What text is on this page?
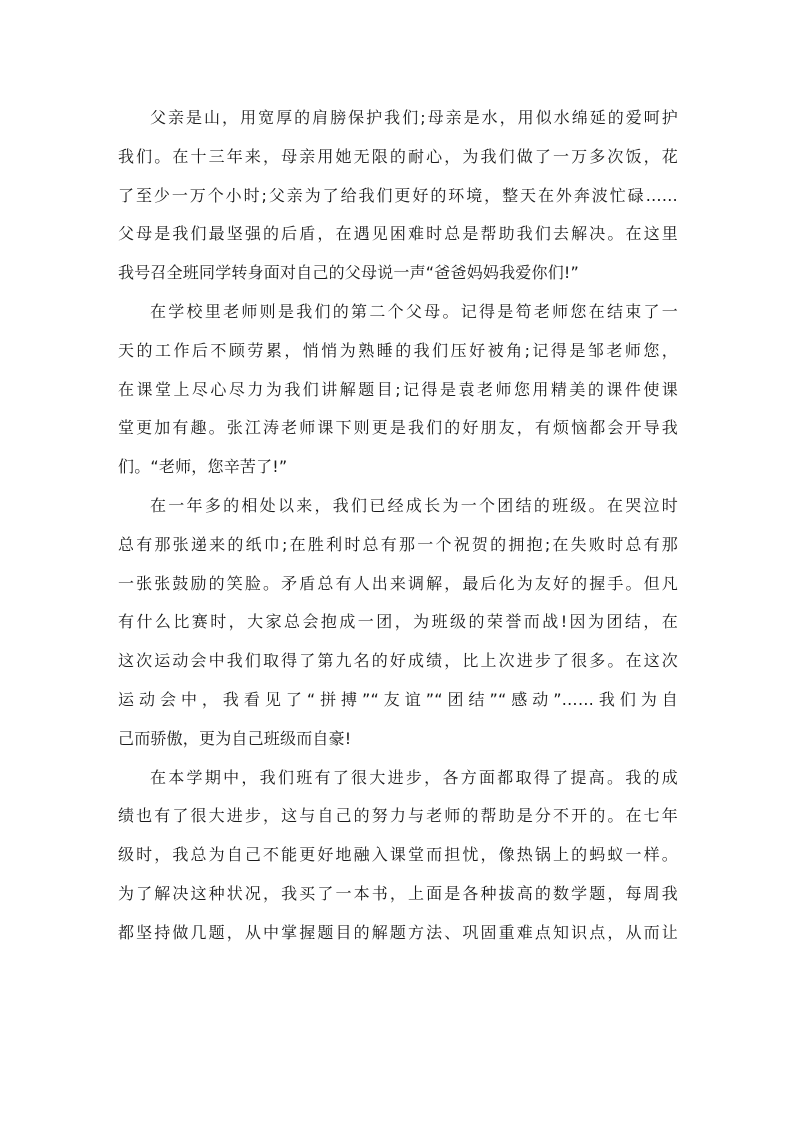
父亲是山，用宽厚的肩膀保护我们;母亲是水，用似水绵延的爱呵护
我们。在十三年来，母亲用她无限的耐心，为我们做了一万多次饭，花
了至少一万个小时;父亲为了给我们更好的环境，整天在外奔波忙碌……
父母是我们最坚强的后盾，在遇见困难时总是帮助我们去解决。在这里
我号召全班同学转身面对自己的父母说一声“爸爸妈妈我爱你们!”
在学校里老师则是我们的第二个父母。记得是笱老师您在结束了一
天的工作后不顾劳累，悄悄为熟睡的我们压好被角;记得是邹老师您，
在课堂上尽心尽力为我们讲解题目;记得是袁老师您用精美的课件使课
堂更加有趣。张江涛老师课下则更是我们的好朋友，有烦恼都会开导我
们。“老师，您辛苦了!”
在一年多的相处以来，我们已经成长为一个团结的班级。在哭泣时
总有那张递来的纸巾;在胜利时总有那一个祝贺的拥抱;在失败时总有那
一张张鼓励的笑脸。矛盾总有人出来调解，最后化为友好的握手。但凡
有什么比赛时，大家总会抱成一团，为班级的荣誉而战!因为团结，在
这次运动会中我们取得了第九名的好成绩，比上次进步了很多。在这次
运动会中，我看见了“拼搏”“友谊”“团结”“感动”……我们为自
己而骄傲，更为自己班级而自豪!
在本学期中，我们班有了很大进步，各方面都取得了提高。我的成
绩也有了很大进步，这与自己的努力与老师的帮助是分不开的。在七年
级时，我总为自己不能更好地融入课堂而担忧，像热锅上的蚂蚁一样。
为了解决这种状况，我买了一本书，上面是各种拔高的数学题，每周我
都坚持做几题，从中掌握题目的解题方法、巩固重难点知识点，从而让
